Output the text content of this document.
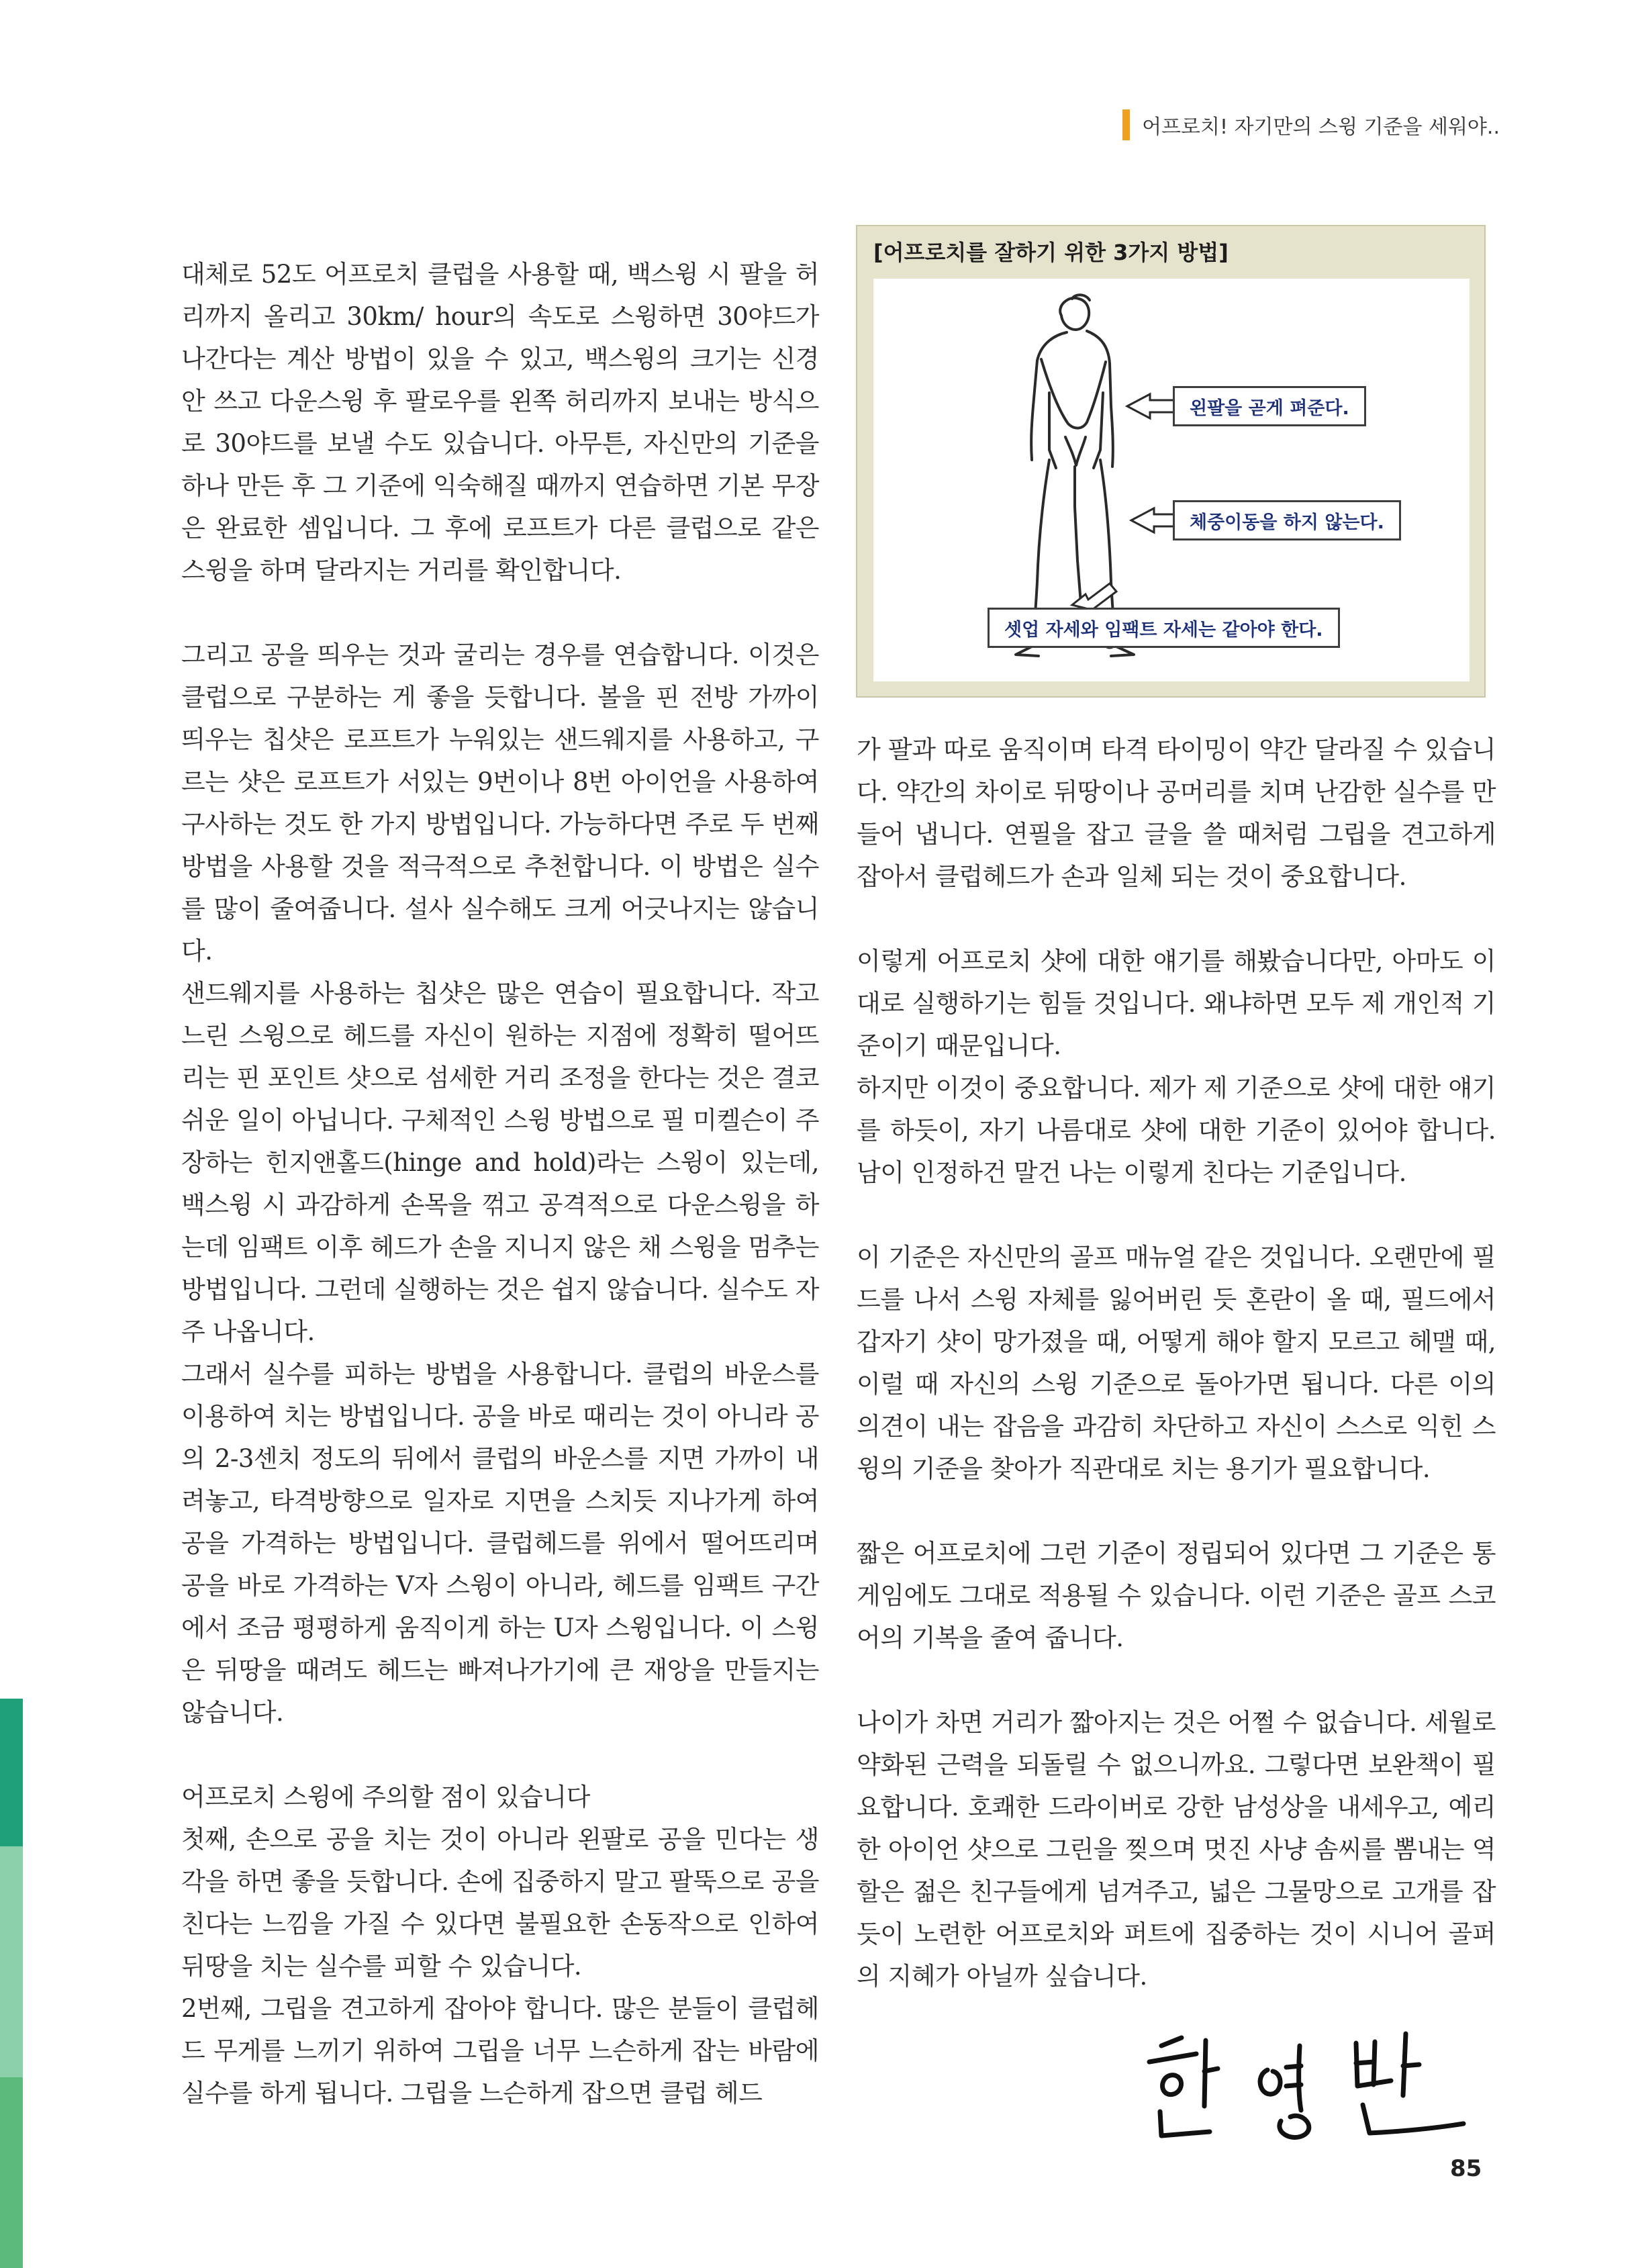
어프로치! 자기만의 스윙 기준을 세워야..

대체로 52도 어프로치 클럽을 사용할 때, 백스윙 시 팔을 허리까지 올리고 30km/ hour의 속도로 스윙하면 30야드가 나간다는 계산 방법이 있을 수 있고, 백스윙의 크기는 신경 안 쓰고 다운스윙 후 팔로우를 왼쪽 허리까지 보내는 방식으로 30야드를 보낼 수도 있습니다. 아무튼, 자신만의 기준을 하나 만든 후 그 기준에 익숙해질 때까지 연습하면 기본 무장은 완료한 셈입니다. 그 후에 로프트가 다른 클럽으로 같은 스윙을 하며 달라지는 거리를 확인합니다.

그리고 공을 띄우는 것과 굴리는 경우를 연습합니다. 이것은 클럽으로 구분하는 게 좋을 듯합니다. 볼을 핀 전방 가까이 띄우는 칩샷은 로프트가 누워있는 샌드웨지를 사용하고, 구르는 샷은 로프트가 서있는 9번이나 8번 아이언을 사용하여 구사하는 것도 한 가지 방법입니다. 가능하다면 주로 두 번째 방법을 사용할 것을 적극적으로 추천합니다. 이 방법은 실수를 많이 줄여줍니다. 설사 실수해도 크게 어긋나지는 않습니다.

샌드웨지를 사용하는 칩샷은 많은 연습이 필요합니다. 작고 느린 스윙으로 헤드를 자신이 원하는 지점에 정확히 떨어뜨리는 핀 포인트 샷으로 섬세한 거리 조정을 한다는 것은 결코 쉬운 일이 아닙니다. 구체적인 스윙 방법으로 필 미켈슨이 주장하는 힌지앤홀드(hinge and hold)라는 스윙이 있는데, 백스윙 시 과감하게 손목을 꺾고 공격적으로 다운스윙을 하는데 임팩트 이후 헤드가 손을 지니지 않은 채 스윙을 멈추는 방법입니다. 그런데 실행하는 것은 쉽지 않습니다. 실수도 자주 나옵니다.

그래서 실수를 피하는 방법을 사용합니다. 클럽의 바운스를 이용하여 치는 방법입니다. 공을 바로 때리는 것이 아니라 공의 2-3센치 정도의 뒤에서 클럽의 바운스를 지면 가까이 내려놓고, 타격방향으로 일자로 지면을 스치듯 지나가게 하여 공을 가격하는 방법입니다. 클럽헤드를 위에서 떨어뜨리며 공을 바로 가격하는 V자 스윙이 아니라, 헤드를 임팩트 구간에서 조금 평평하게 움직이게 하는 U자 스윙입니다. 이 스윙은 뒤땅을 때려도 헤드는 빠져나가기에 큰 재앙을 만들지는 않습니다.

어프로치 스윙에 주의할 점이 있습니다

첫째, 손으로 공을 치는 것이 아니라 왼팔로 공을 민다는 생각을 하면 좋을 듯합니다. 손에 집중하지 말고 팔뚝으로 공을 친다는 느낌을 가질 수 있다면 불필요한 손동작으로 인하여 뒤땅을 치는 실수를 피할 수 있습니다.

2번째, 그립을 견고하게 잡아야 합니다. 많은 분들이 클럽헤드 무게를 느끼기 위하여 그립을 너무 느슨하게 잡는 바람에 실수를 하게 됩니다. 그립을 느슨하게 잡으면 클럽 헤드

[어프로치를 잘하기 위한 3가지 방법]
왼팔을 곧게 펴준다.
체중이동을 하지 않는다.
셋업 자세와 임팩트 자세는 같아야 한다.

가 팔과 따로 움직이며 타격 타이밍이 약간 달라질 수 있습니다. 약간의 차이로 뒤땅이나 공머리를 치며 난감한 실수를 만들어 냅니다. 연필을 잡고 글을 쓸 때처럼 그립을 견고하게 잡아서 클럽헤드가 손과 일체 되는 것이 중요합니다.

이렇게 어프로치 샷에 대한 얘기를 해봤습니다만, 아마도 이대로 실행하기는 힘들 것입니다. 왜냐하면 모두 제 개인적 기준이기 때문입니다.

하지만 이것이 중요합니다. 제가 제 기준으로 샷에 대한 얘기를 하듯이, 자기 나름대로 샷에 대한 기준이 있어야 합니다. 남이 인정하건 말건 나는 이렇게 친다는 기준입니다.

이 기준은 자신만의 골프 매뉴얼 같은 것입니다. 오랜만에 필드를 나서 스윙 자체를 잃어버린 듯 혼란이 올 때, 필드에서 갑자기 샷이 망가졌을 때, 어떻게 해야 할지 모르고 헤맬 때, 이럴 때 자신의 스윙 기준으로 돌아가면 됩니다. 다른 이의 의견이 내는 잡음을 과감히 차단하고 자신이 스스로 익힌 스윙의 기준을 찾아가 직관대로 치는 용기가 필요합니다.

짧은 어프로치에 그런 기준이 정립되어 있다면 그 기준은 통게임에도 그대로 적용될 수 있습니다. 이런 기준은 골프 스코어의 기복을 줄여 줍니다.

나이가 차면 거리가 짧아지는 것은 어쩔 수 없습니다. 세월로 약화된 근력을 되돌릴 수 없으니까요. 그렇다면 보완책이 필요합니다. 호쾌한 드라이버로 강한 남성상을 내세우고, 예리한 아이언 샷으로 그린을 찢으며 멋진 사냥 솜씨를 뽐내는 역할은 젊은 친구들에게 넘겨주고, 넓은 그물망으로 고개를 잡듯이 노련한 어프로치와 퍼트에 집중하는 것이 시니어 골퍼의 지혜가 아닐까 싶습니다.

85
